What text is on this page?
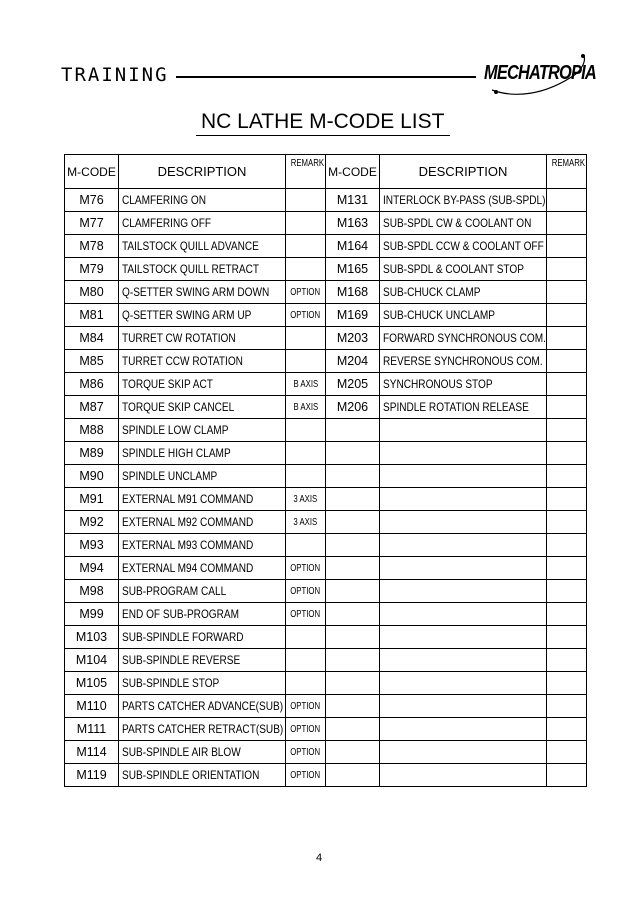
TRAINING	MECHATROPIA
NC LATHE M-CODE LIST
M-CODE	DESCRIPTION	REMARK	M-CODE	DESCRIPTION	REMARK
M76	CLAMFERING ON		M131	INTERLOCK BY-PASS (SUB-SPDL)	
M77	CLAMFERING OFF		M163	SUB-SPDL CW & COOLANT ON	
M78	TAILSTOCK QUILL ADVANCE		M164	SUB-SPDL CCW & COOLANT OFF	
M79	TAILSTOCK QUILL RETRACT		M165	SUB-SPDL & COOLANT STOP	
M80	Q-SETTER SWING ARM DOWN	OPTION	M168	SUB-CHUCK CLAMP	
M81	Q-SETTER SWING ARM UP	OPTION	M169	SUB-CHUCK UNCLAMP	
M84	TURRET CW ROTATION		M203	FORWARD SYNCHRONOUS COM.	
M85	TURRET CCW ROTATION		M204	REVERSE SYNCHRONOUS COM.	
M86	TORQUE SKIP ACT	B AXIS	M205	SYNCHRONOUS STOP	
M87	TORQUE SKIP CANCEL	B AXIS	M206	SPINDLE ROTATION RELEASE	
M88	SPINDLE LOW CLAMP				
M89	SPINDLE HIGH CLAMP				
M90	SPINDLE UNCLAMP				
M91	EXTERNAL M91 COMMAND	3 AXIS			
M92	EXTERNAL M92 COMMAND	3 AXIS			
M93	EXTERNAL M93 COMMAND				
M94	EXTERNAL M94 COMMAND	OPTION			
M98	SUB-PROGRAM CALL	OPTION			
M99	END OF SUB-PROGRAM	OPTION			
M103	SUB-SPINDLE FORWARD				
M104	SUB-SPINDLE REVERSE				
M105	SUB-SPINDLE STOP				
M110	PARTS CATCHER ADVANCE(SUB)	OPTION			
M111	PARTS CATCHER RETRACT(SUB)	OPTION			
M114	SUB-SPINDLE AIR BLOW	OPTION			
M119	SUB-SPINDLE ORIENTATION	OPTION			
4
